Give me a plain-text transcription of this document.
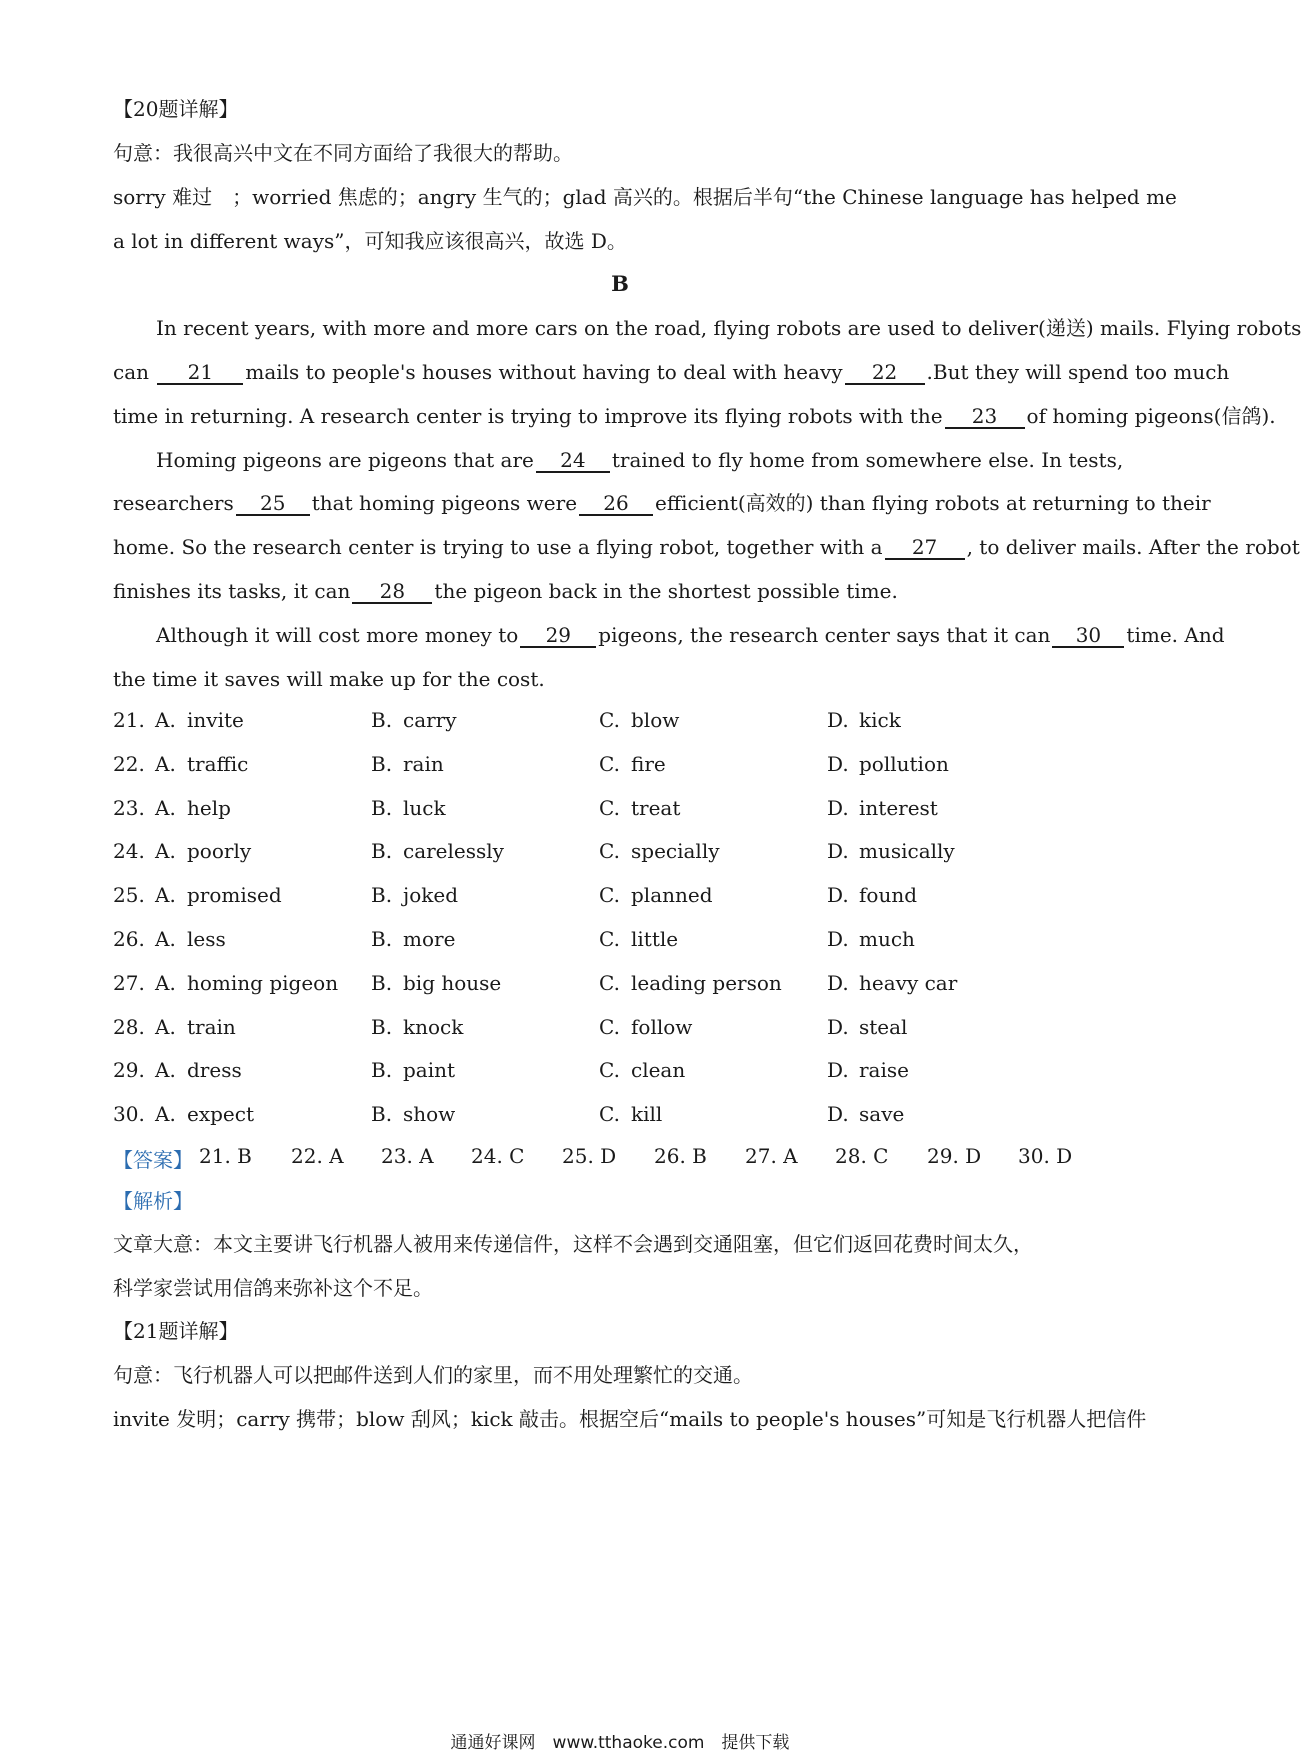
【20题详解】
句意：我很高兴中文在不同方面给了我很大的帮助。
sorry 难过　；worried 焦虑的；angry 生气的；glad 高兴的。根据后半句“the Chinese language has helped me
a lot in different ways”，可知我应该很高兴，故选 D。
B
In recent years, with more and more cars on the road, flying robots are used to deliver(递送) mails. Flying robots
can 21 mails to people's houses without having to deal with heavy 22 .But they will spend too much
time in returning. A research center is trying to improve its flying robots with the 23 of homing pigeons(信鸽).
Homing pigeons are pigeons that are 24 trained to fly home from somewhere else. In tests,
researchers 25 that homing pigeons were 26 efficient(高效的) than flying robots at returning to their
home. So the research center is trying to use a flying robot, together with a 27 , to deliver mails. After the robot
finishes its tasks, it can 28 the pigeon back in the shortest possible time.
Although it will cost more money to 29 pigeons, the research center says that it can 30 time. And
the time it saves will make up for the cost.
21. A. invite	B. carry	C. blow	D. kick
22. A. traffic	B. rain	C. fire	D. pollution
23. A. help	B. luck	C. treat	D. interest
24. A. poorly	B. carelessly	C. specially	D. musically
25. A. promised	B. joked	C. planned	D. found
26. A. less	B. more	C. little	D. much
27. A. homing pigeon B. big house	C. leading person D. heavy car
28. A. train	B. knock	C. follow	D. steal
29. A. dress	B. paint	C. clean	D. raise
30. A. expect	B. show	C. kill	D. save
【答案】 21. B 22. A 23. A 24. C 25. D 26. B 27. A 28. C 29. D 30. D
【解析】
文章大意：本文主要讲飞行机器人被用来传递信件，这样不会遇到交通阻塞，但它们返回花费时间太久，
科学家尝试用信鸽来弥补这个不足。
【21题详解】
句意：飞行机器人可以把邮件送到人们的家里，而不用处理繁忙的交通。
invite 发明；carry 携带；blow 刮风；kick 敲击。根据空后“mails to people's houses”可知是飞行机器人把信件
通通好课网　www.tthaoke.com　提供下载
